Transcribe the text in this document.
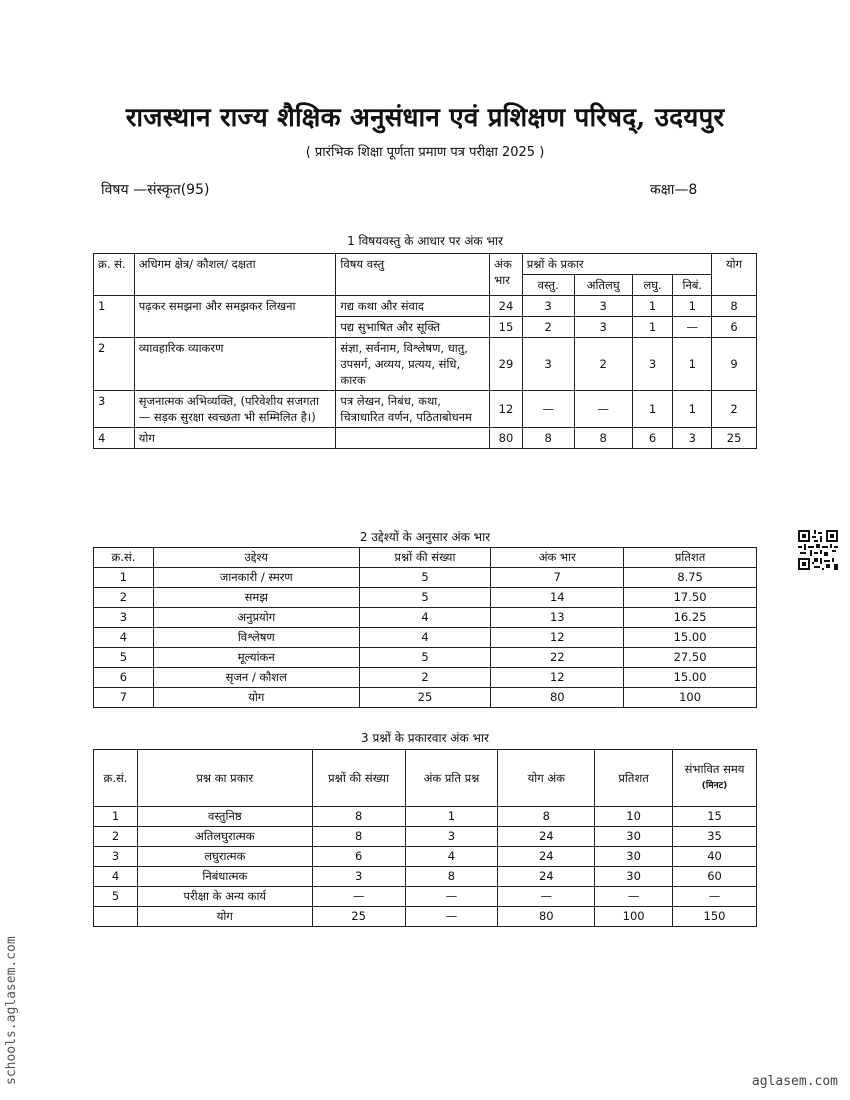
राजस्थान राज्य शैक्षिक अनुसंधान एवं प्रशिक्षण परिषद्, उदयपुर
( प्रारंभिक शिक्षा पूर्णता प्रमाण पत्र परीक्षा 2025 )
विषय —संस्कृत(95)	कक्षा—8
1 विषयवस्तु के आधार पर अंक भार
क्र. सं.	अधिगम क्षेत्र/ कौशल/ दक्षता	विषय वस्तु	अंक भार	प्रश्नों के प्रकार				योग
				वस्तु.	अतिलघु	लघु.	निबं.	
1	पढ़कर समझना और समझकर लिखना	गद्य कथा और संवाद	24	3	3	1	1	8
		पद्य सुभाषित और सूक्ति	15	2	3	1	—	6
2	व्यावहारिक व्याकरण	संज्ञा, सर्वनाम, विश्लेषण, धातु, उपसर्ग, अव्यय, प्रत्यय, संधि, कारक	29	3	2	3	1	9
3	सृजनात्मक अभिव्यक्ति, (परिवेशीय सजगता — सड़क सुरक्षा स्वच्छता भी सम्मिलित है।)	पत्र लेखन, निबंध, कथा, चित्राधारित वर्णन, पठिताबोधनम	12	—	—	1	1	2
4	योग		80	8	8	6	3	25
2 उद्देश्यों के अनुसार अंक भार
क्र.सं.	उद्देश्य	प्रश्नों की संख्या	अंक भार	प्रतिशत
1	जानकारी / स्मरण	5	7	8.75
2	समझ	5	14	17.50
3	अनुप्रयोग	4	13	16.25
4	विश्लेषण	4	12	15.00
5	मूल्यांकन	5	22	27.50
6	सृजन / कौशल	2	12	15.00
7	योग	25	80	100
3 प्रश्नों के प्रकारवार अंक भार
क्र.सं.	प्रश्न का प्रकार	प्रश्नों की संख्या	अंक प्रति प्रश्न	योग अंक	प्रतिशत	संभावित समय
(मिनट)

1	वस्तुनिष्ठ	8	1	8	10	15
2	अतिलघुरात्मक	8	3	24	30	35
3	लघुरात्मक	6	4	24	30	40
4	निबंधात्मक	3	8	24	30	60
5	परीक्षा के अन्य कार्य	—	—	—	—	—
	योग	25	—	80	100	150
schools.aglasem.com	aglasem.com
